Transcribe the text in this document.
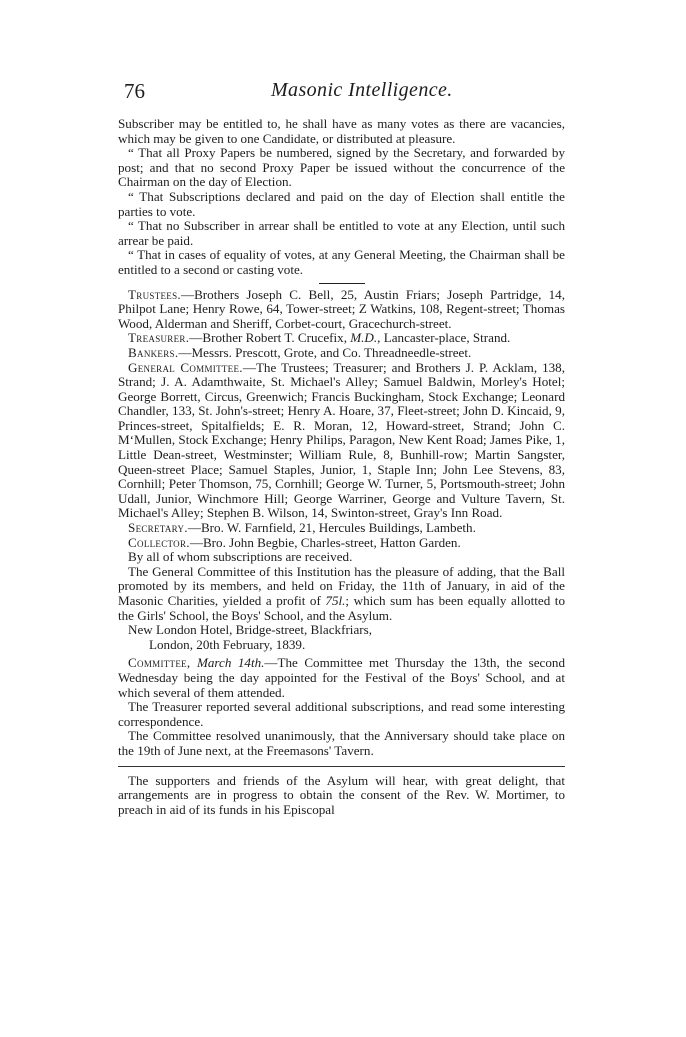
76	Masonic Intelligence.

Subscriber may be entitled to, he shall have as many votes as there are vacancies, which may be given to one Candidate, or distributed at pleasure.

“ That all Proxy Papers be numbered, signed by the Secretary, and forwarded by post; and that no second Proxy Paper be issued without the concurrence of the Chairman on the day of Election.

“ That Subscriptions declared and paid on the day of Election shall entitle the parties to vote.

“ That no Subscriber in arrear shall be entitled to vote at any Election, until such arrear be paid.

“ That in cases of equality of votes, at any General Meeting, the Chairman shall be entitled to a second or casting vote.

Trustees.—Brothers Joseph C. Bell, 25, Austin Friars; Joseph Partridge, 14, Philpot Lane; Henry Rowe, 64, Tower-street; Z Watkins, 108, Regent-street; Thomas Wood, Alderman and Sheriff, Corbet-court, Gracechurch-street.

Treasurer.—Brother Robert T. Crucefix, M.D., Lancaster-place, Strand.

Bankers.—Messrs. Prescott, Grote, and Co. Threadneedle-street.

General Committee.—The Trustees; Treasurer; and Brothers J. P. Acklam, 138, Strand; J. A. Adamthwaite, St. Michael's Alley; Samuel Baldwin, Morley's Hotel; George Borrett, Circus, Greenwich; Francis Buckingham, Stock Exchange; Leonard Chandler, 133, St. John's-street; Henry A. Hoare, 37, Fleet-street; John D. Kincaid, 9, Princes-street, Spitalfields; E. R. Moran, 12, Howard-street, Strand; John C. M‘Mullen, Stock Exchange; Henry Philips, Paragon, New Kent Road; James Pike, 1, Little Dean-street, Westminster; William Rule, 8, Bunhill-row; Martin Sangster, Queen-street Place; Samuel Staples, Junior, 1, Staple Inn; John Lee Stevens, 83, Cornhill; Peter Thomson, 75, Cornhill; George W. Turner, 5, Portsmouth-street; John Udall, Junior, Winchmore Hill; George Warriner, George and Vulture Tavern, St. Michael's Alley; Stephen B. Wilson, 14, Swinton-street, Gray's Inn Road.

Secretary.—Bro. W. Farnfield, 21, Hercules Buildings, Lambeth.

Collector.—Bro. John Begbie, Charles-street, Hatton Garden.

By all of whom subscriptions are received.

The General Committee of this Institution has the pleasure of adding, that the Ball promoted by its members, and held on Friday, the 11th of January, in aid of the Masonic Charities, yielded a profit of 75l.; which sum has been equally allotted to the Girls' School, the Boys' School, and the Asylum.

New London Hotel, Bridge-street, Blackfriars,

London, 20th February, 1839.

Committee, March 14th.—The Committee met Thursday the 13th, the second Wednesday being the day appointed for the Festival of the Boys' School, and at which several of them attended.

The Treasurer reported several additional subscriptions, and read some interesting correspondence.

The Committee resolved unanimously, that the Anniversary should take place on the 19th of June next, at the Freemasons' Tavern.

The supporters and friends of the Asylum will hear, with great delight, that arrangements are in progress to obtain the consent of the Rev. W. Mortimer, to preach in aid of its funds in his Episcopal
